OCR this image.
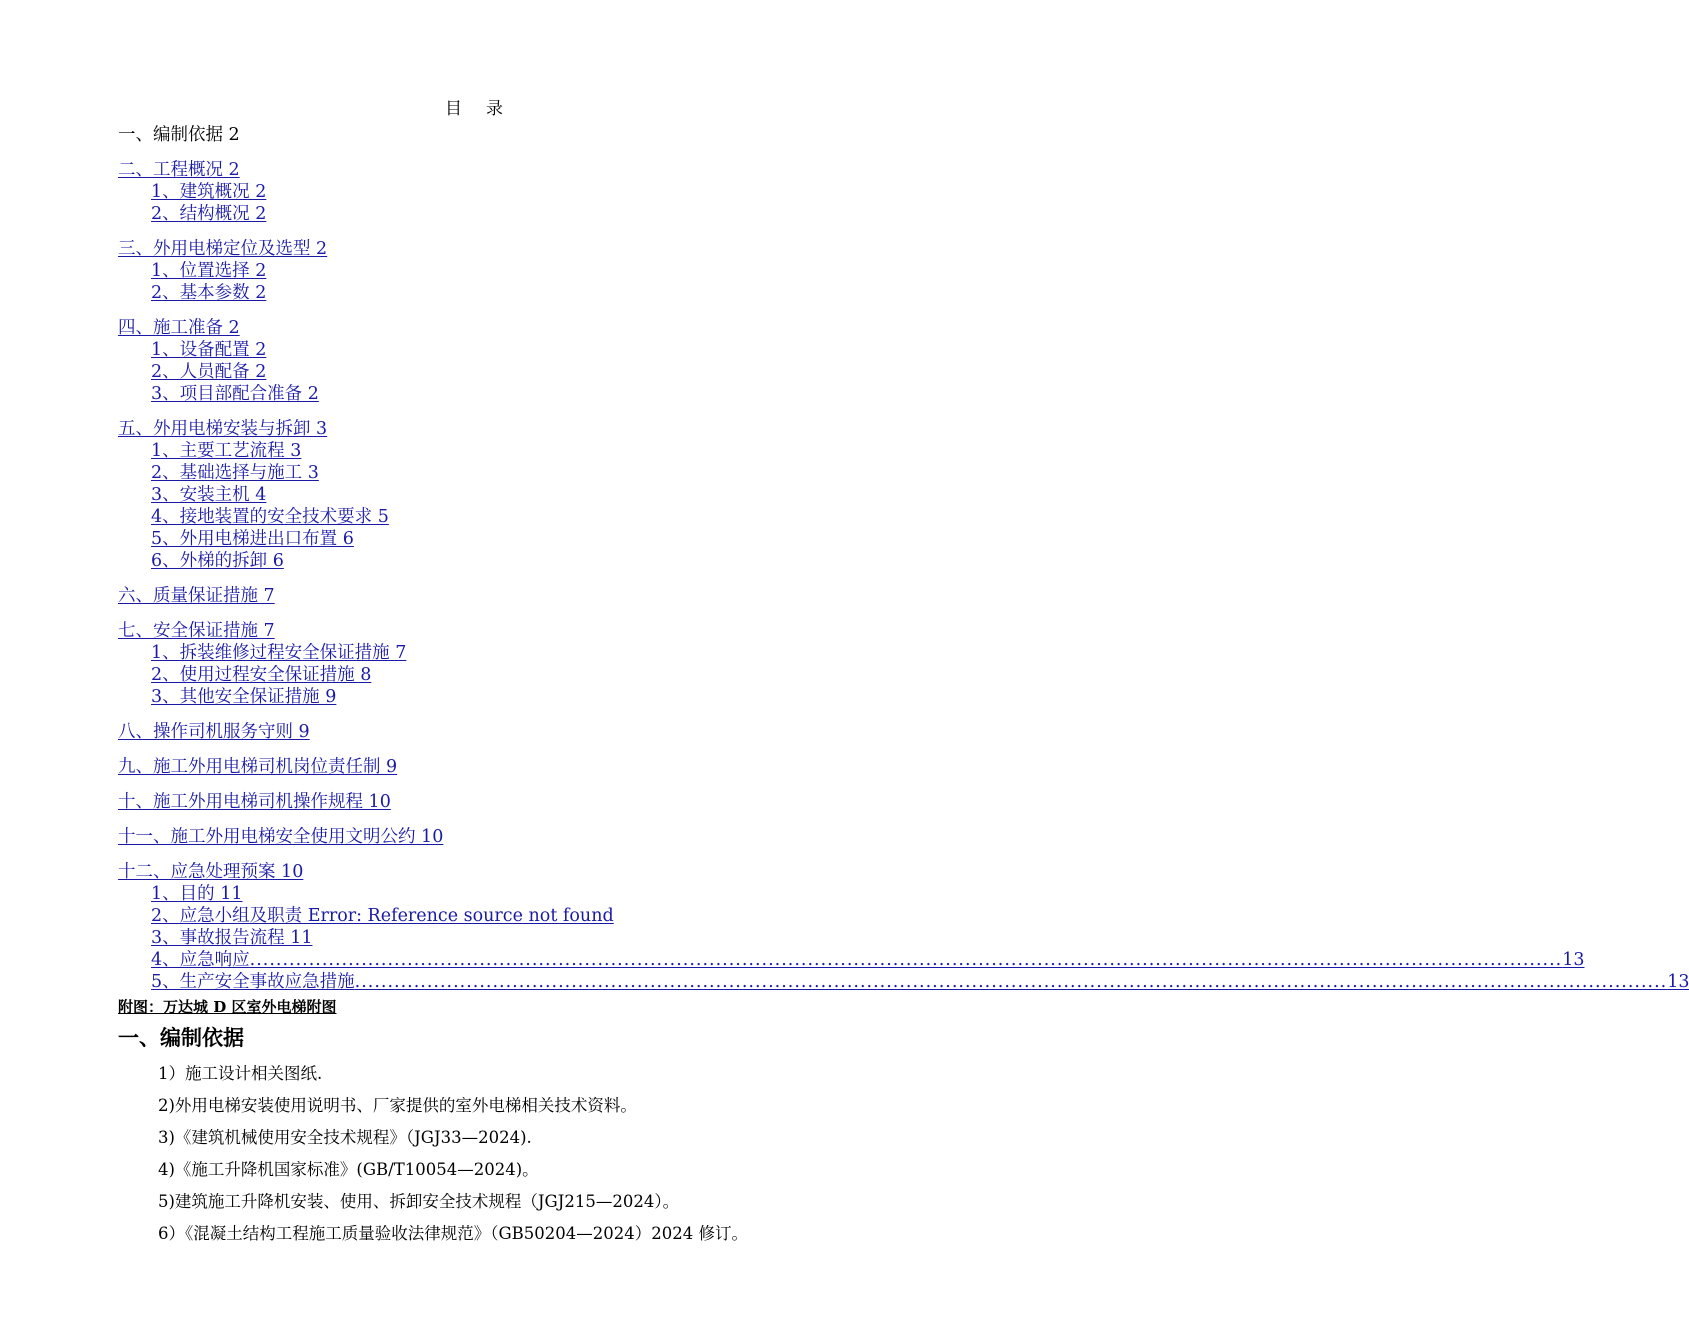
目 录
一、编制依据 2
二、工程概况 2
1、建筑概况 2
2、结构概况 2
三、外用电梯定位及选型 2
1、位置选择 2
2、基本参数 2
四、施工准备 2
1、设备配置 2
2、人员配备 2
3、项目部配合准备 2
五、外用电梯安装与拆卸 3
1、主要工艺流程 3
2、基础选择与施工 3
3、安装主机 4
4、接地装置的安全技术要求 5
5、外用电梯进出口布置 6
6、外梯的拆卸 6
六、质量保证措施 7
七、安全保证措施 7
1、拆装维修过程安全保证措施 7
2、使用过程安全保证措施 8
3、其他安全保证措施 9
八、操作司机服务守则 9
九、施工外用电梯司机岗位责任制 9
十、施工外用电梯司机操作规程 10
十一、施工外用电梯安全使用文明公约 10
十二、应急处理预案 10
1、目的 11
2、应急小组及职责 Error: Reference source not found
3、事故报告流程 11
4、应急响应 ........................................................................................................................................................................................................ 13
5、生产安全事故应急措施 ........................................................................................................................................................................................................ 13
附图：万达城 D 区室外电梯附图
一、编制依据
1）施工设计相关图纸.
2)外用电梯安装使用说明书、厂家提供的室外电梯相关技术资料。
3)《建筑机械使用安全技术规程》（JGJ33—2024).
4)《施工升降机国家标准》(GB/T10054—2024)。
5)建筑施工升降机安装、使用、拆卸安全技术规程（JGJ215—2024）。
6）《混凝土结构工程施工质量验收法律规范》（GB50204—2024）2024 修订。
